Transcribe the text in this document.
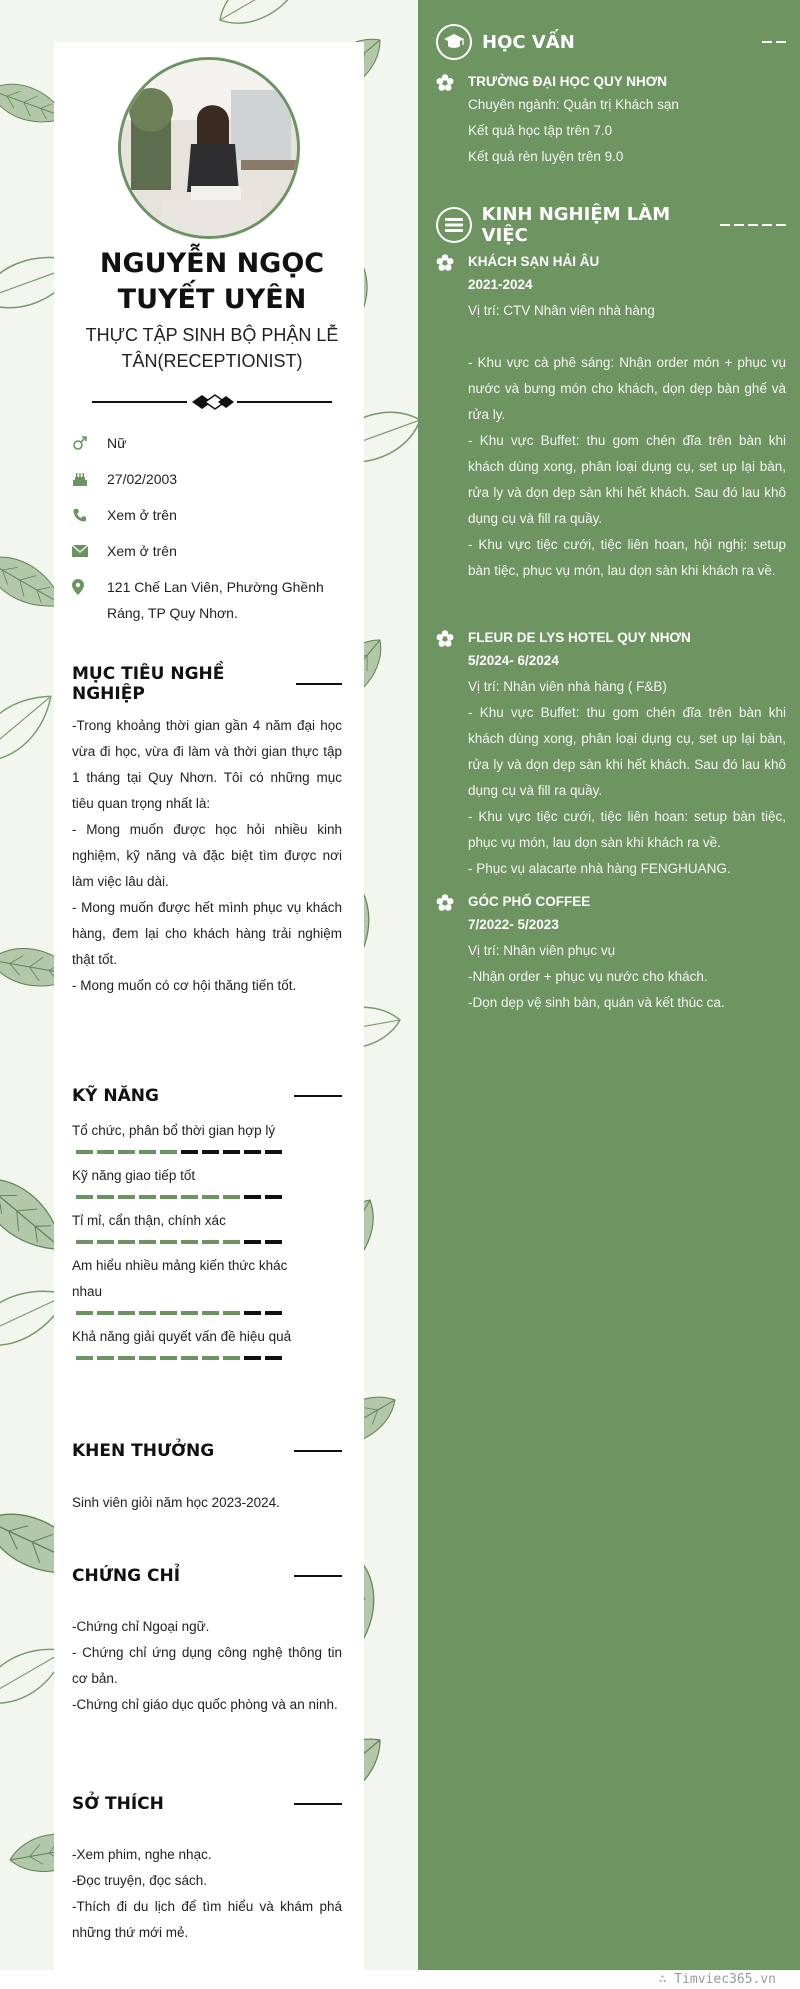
NGUYỄN NGỌC
TUYẾT UYÊN
THỰC TẬP SINH BỘ PHẬN LỄ TÂN(RECEPTIONIST)
Nữ
27/02/2003
Xem ở trên
Xem ở trên
121 Chế Lan Viên, Phường Ghềnh Ráng, TP Quy Nhơn.
MỤC TIÊU NGHỀ NGHIỆP

-Trong khoảng thời gian gần 4 năm đại học vừa đi học, vừa đi làm và thời gian thực tập 1 tháng tại Quy Nhơn. Tôi có những mục tiêu quan trọng nhất là:

- Mong muốn được học hỏi nhiều kinh nghiệm, kỹ năng và đặc biệt tìm được nơi làm việc lâu dài.

- Mong muốn được hết mình phục vụ khách hàng, đem lại cho khách hàng trải nghiệm thật tốt.

- Mong muốn có cơ hội thăng tiến tốt.

KỸ NĂNG
Tổ chức, phân bổ thời gian hợp lý
Kỹ năng giao tiếp tốt
Tỉ mỉ, cẩn thận, chính xác
Am hiểu nhiều mảng kiến thức khác nhau
Khả năng giải quyết vấn đề hiệu quả
KHEN THƯỞNG

Sinh viên giỏi năm học 2023-2024.

CHỨNG CHỈ

-Chứng chỉ Ngoại ngữ.

- Chứng chỉ ứng dụng công nghệ thông tin cơ bản.

-Chứng chỉ giáo dục quốc phòng và an ninh.

SỞ THÍCH

-Xem phim, nghe nhạc.

-Đọc truyện, đọc sách.

-Thích đi du lịch để tìm hiểu và khám phá những thứ mới mẻ.

HỌC VẤN
TRƯỜNG ĐẠI HỌC QUY NHƠN
Chuyên ngành: Quản trị Khách sạn
Kết quả học tập trên 7.0
Kết quả rèn luyện trên 9.0
KINH NGHIỆM LÀM VIỆC
KHÁCH SẠN HẢI ÂU
2021-2024
Vị trí: CTV Nhân viên nhà hàng
- Khu vực cà phê sáng: Nhận order món + phục vụ nước và bưng món cho khách, dọn dẹp bàn ghế và rửa ly.
- Khu vực Buffet: thu gom chén đĩa trên bàn khi khách dùng xong, phân loại dụng cụ, set up lại bàn, rửa ly và dọn dẹp sàn khi hết khách. Sau đó lau khô dụng cụ và fill ra quầy.
- Khu vực tiệc cưới, tiệc liên hoan, hội nghị: setup bàn tiệc, phục vụ món, lau dọn sàn khi khách ra về.
FLEUR DE LYS HOTEL QUY NHƠN
5/2024- 6/2024
Vị trí: Nhân viên nhà hàng ( F&B)
- Khu vực Buffet: thu gom chén đĩa trên bàn khi khách dùng xong, phân loại dụng cụ, set up lại bàn, rửa ly và dọn dẹp sàn khi hết khách. Sau đó lau khô dụng cụ và fill ra quầy.
- Khu vực tiệc cưới, tiệc liên hoan: setup bàn tiệc, phục vụ món, lau dọn sàn khi khách ra về.
- Phục vụ alacarte nhà hàng FENGHUANG.
GÓC PHỐ COFFEE
7/2022- 5/2023
Vị trí: Nhân viên phục vụ
-Nhận order + phục vụ nước cho khách.
-Dọn dẹp vệ sinh bàn, quán và kết thúc ca.
∴ Timviec365.vn
